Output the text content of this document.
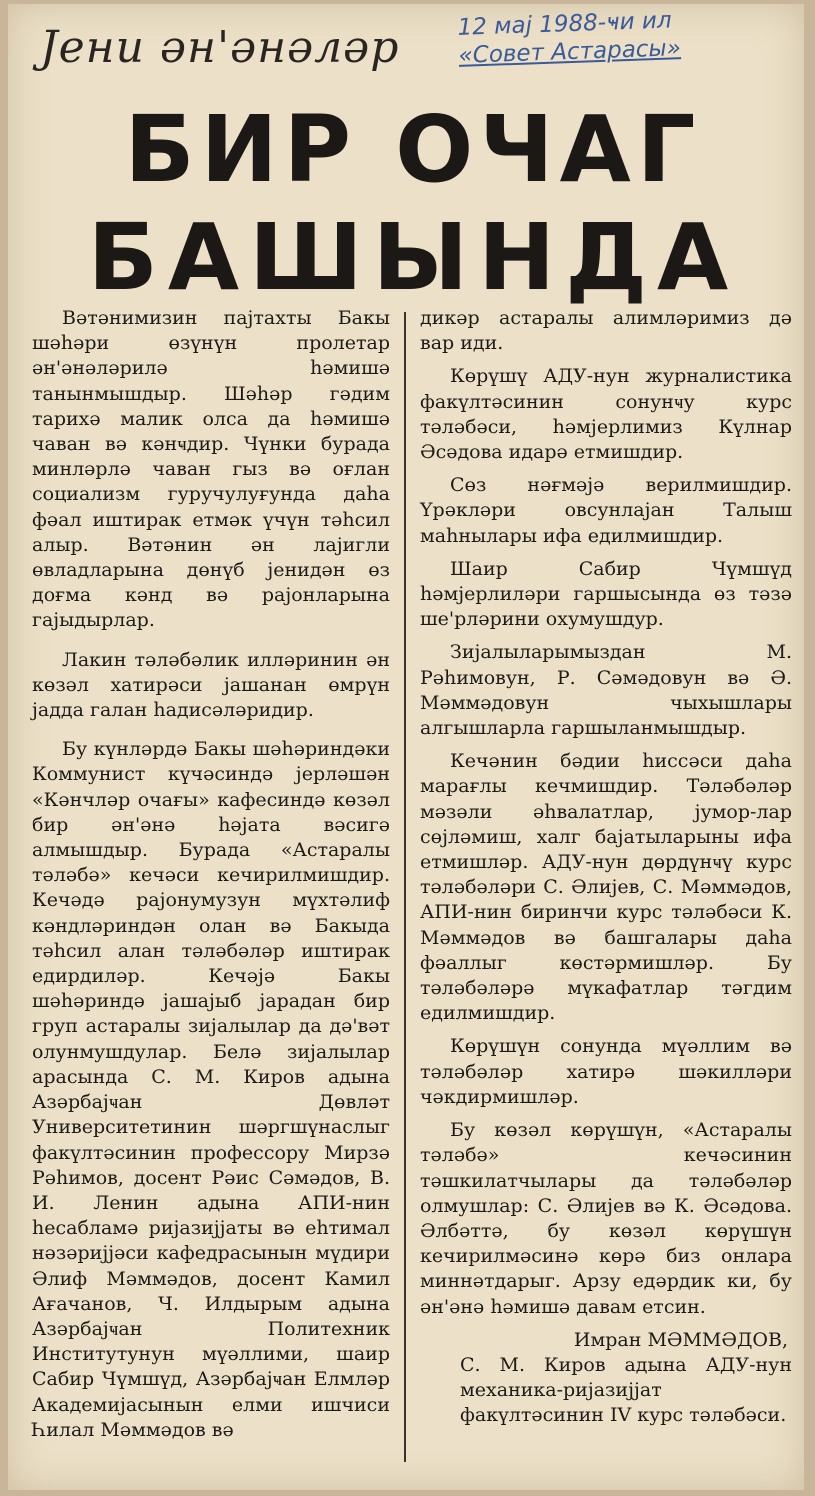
Јени ән'әнәләр	12 мај 1988-ҹи ил
«Совет Астарасы»
БИР ОЧАГ
БАШЫНДА

Вәтәнимизин пајтахты Бакы шәһәри өзүнүн пролетар ән'әнәләрилә һәмишә танынмышдыр. Шәһәр гәдим тарихә малик олса да һәмишә чаван вә кәнҹдир. Чүнки бурада минләрлә чаван гыз вә оғлан социализм гуручулуғунда даһа фәал иштирак етмәк үчүн тәһсил алыр. Вәтәнин ән лајигли өвладларына дөнүб јенидән өз доғма кәнд вә рајонларына гајыдырлар.

Лакин тәләбәлик илләринин ән көзәл хатирәси јашанан өмрүн јадда галан һадисәләридир.

Бу күнләрдә Бакы шәһәриндәки Коммунист күчәсиндә јерләшән «Кәнчләр очағы» кафесиндә көзәл бир ән'әнә һәјата вәсигә алмышдыр. Бурада «Астаралы тәләбә» кечәси кечирилмишдир. Кечәдә рајонумузун мүхтәлиф кәндләриндән олан вә Бакыда тәһсил алан тәләбәләр иштирак едирдиләр. Кечәјә Бакы шәһәриндә јашајыб јарадан бир груп астаралы зијалылар да дә'вәт олунмушдулар. Белә зијалылар арасында С. М. Киров адына Азәрбајҹан Дөвләт Университетинин шәргшүнаслыг факүлтәсинин профессору Мирзә Рәһимов, досент Рәис Сәмәдов, В. И. Ленин адына АПИ-нин һесабламә ријазијјаты вә еһтимал нәзәријјәси кафедрасынын мүдири Әлиф Мәммәдов, досент Камил Ағачанов, Ч. Илдырым адына Азәрбајҹан Политехник Институтунун мүәллими, шаир Сабир Чүмшүд, Азәрбајҹан Елмләр Академијасынын елми ишчиси Һилал Мәммәдов вә

дикәр астаралы алимләримиз дә вар иди.

Көрүшү АДУ-нун журналистика факүлтәсинин сонунҹу курс тәләбәси, һәмјерлимиз Күлнар Әсәдова идарә етмишдир.

Сөз нәғмәјә верилмишдир. Үрәкләри овсунлајан Талыш маһнылары ифа едилмишдир.

Шаир Сабир Чүмшүд һәмјерлиләри гаршысында өз тәзә ше'рләрини охумушдур.

Зијалыларымыздан М. Рәһимовун, Р. Сәмәдовун вә Ә. Мәммәдовун чыхышлары алгышларла гаршыланмышдыр.

Кечәнин бәдии һиссәси даһа марағлы кечмишдир. Тәләбәләр мәзәли әһвалатлар, јумор-лар сөјләмиш, халг бајатыларыны ифа етмишләр. АДУ-нун дөрдүнҹү курс тәләбәләри С. Әлијев, С. Мәммәдов, АПИ-нин биринчи курс тәләбәси К. Мәммәдов вә башгалары даһа фәаллыг көстәрмишләр. Бу тәләбәләрә мүкафатлар тәгдим едилмишдир.

Көрүшүн сонунда мүәллим вә тәләбәләр хатирә шәкилләри чәкдирмишләр.

Бу көзәл көрүшүн, «Астаралы тәләбә» кечәсинин тәшкилатчылары да тәләбәләр олмушлар: С. Әлијев вә К. Әсәдова. Әлбәттә, бу көзәл көрүшүн кечирилмәсинә көрә биз онлара миннәтдарыг. Арзу едәрдик ки, бу ән'әнә һәмишә давам етсин.

Имран МӘММӘДОВ,
С. М. Киров адына АДУ-нун механика-ријазијјат факүлтәсинин IV курс тәләбәси.
